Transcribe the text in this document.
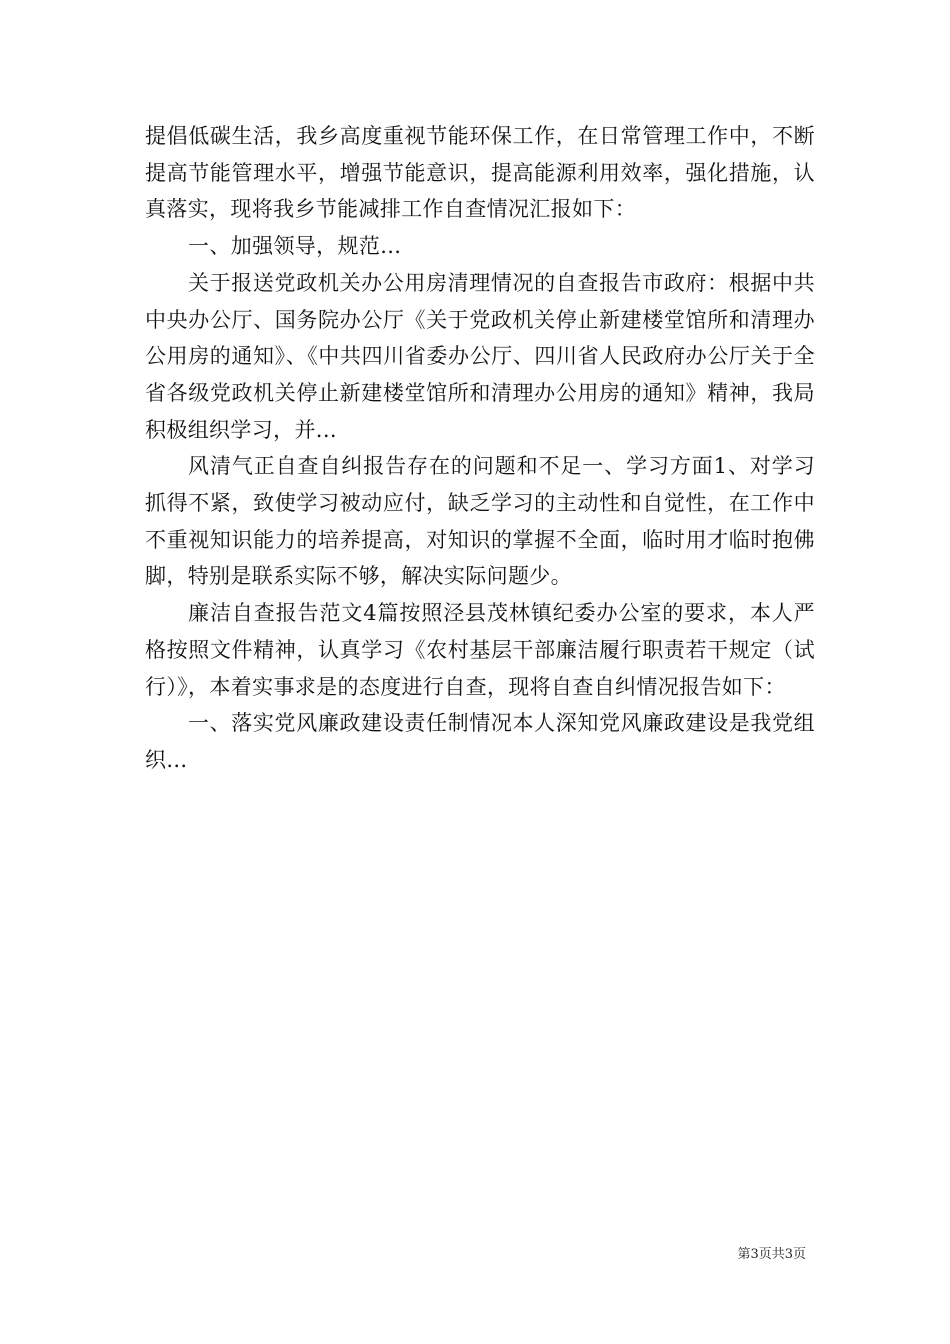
提倡低碳生活，我乡高度重视节能环保工作，在日常管理工作中，不断提高节能管理水平，增强节能意识，提高能源利用效率，强化措施，认真落实，现将我乡节能减排工作自查情况汇报如下：

一、加强领导，规范...

关于报送党政机关办公用房清理情况的自查报告市政府：根据中共中央办公厅、国务院办公厅《关于党政机关停止新建楼堂馆所和清理办公用房的通知》、《中共四川省委办公厅、四川省人民政府办公厅关于全省各级党政机关停止新建楼堂馆所和清理办公用房的通知》精神，我局积极组织学习，并...

风清气正自查自纠报告存在的问题和不足一、学习方面1、对学习抓得不紧，致使学习被动应付，缺乏学习的主动性和自觉性，在工作中不重视知识能力的培养提高，对知识的掌握不全面，临时用才临时抱佛脚，特别是联系实际不够，解决实际问题少。

廉洁自查报告范文4篇按照泾县茂林镇纪委办公室的要求，本人严格按照文件精神，认真学习《农村基层干部廉洁履行职责若干规定（试行）》，本着实事求是的态度进行自查，现将自查自纠情况报告如下：

一、落实党风廉政建设责任制情况本人深知党风廉政建设是我党组织...

第3页共3页
